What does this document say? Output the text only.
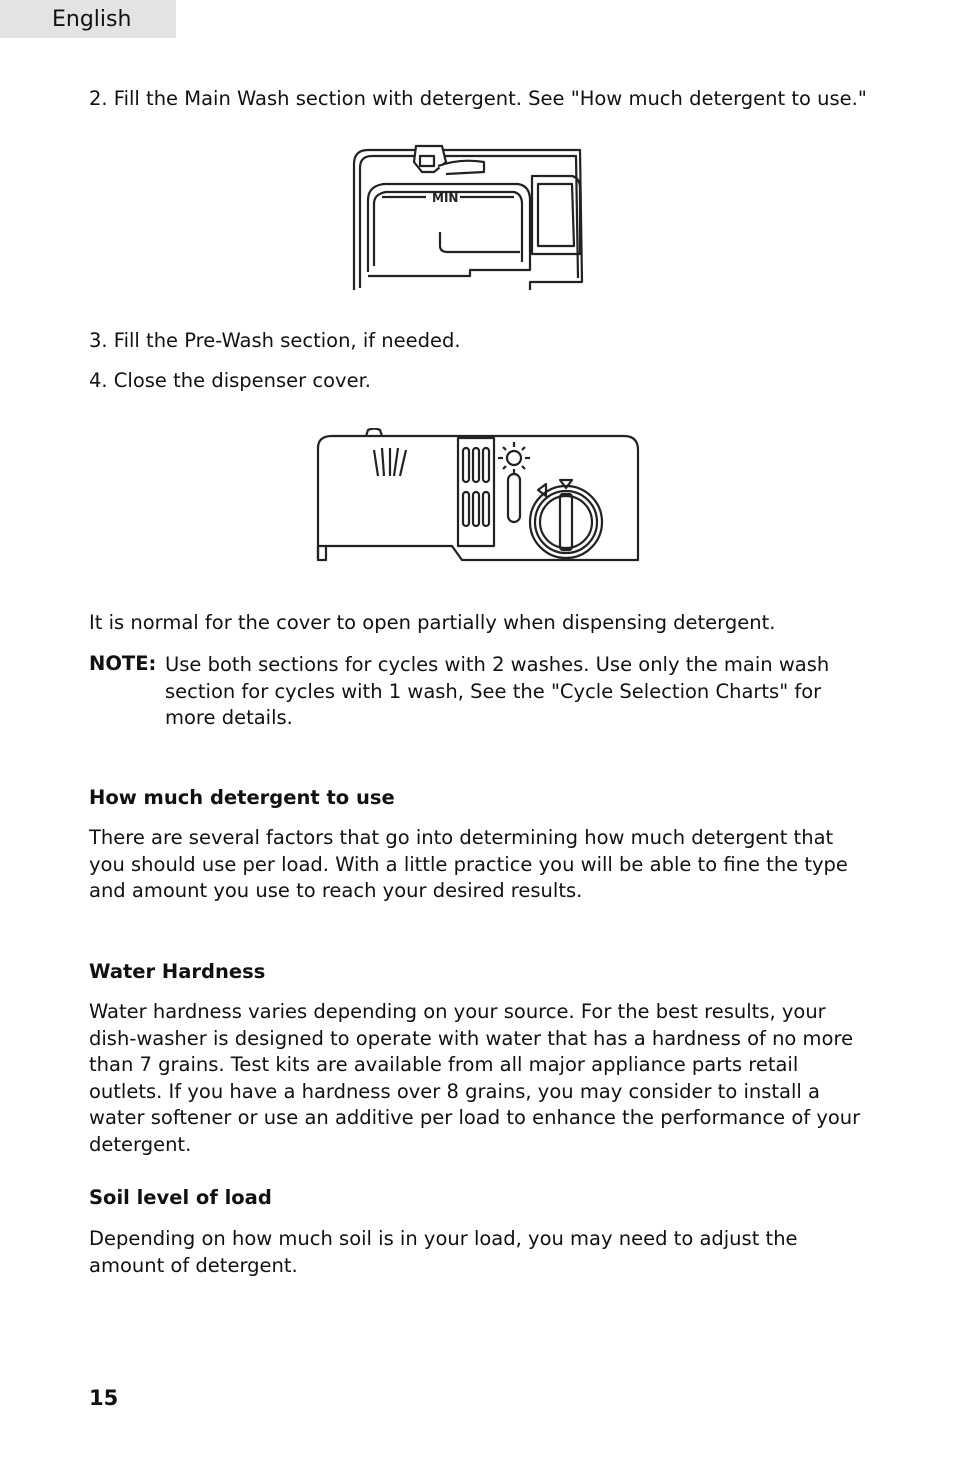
English

2. Fill the Main Wash section with detergent. See "How much detergent to use."

MIN

3. Fill the Pre-Wash section, if needed.

4. Close the dispenser cover.

It is normal for the cover to open partially when dispensing detergent.

NOTE: Use both sections for cycles with 2 washes. Use only the main wash section for cycles with 1 wash, See the "Cycle Selection Charts" for more details.

How much detergent to use

There are several factors that go into determining how much detergent that you should use per load. With a little practice you will be able to fine the type and amount you use to reach your desired results.

Water Hardness

Water hardness varies depending on your source. For the best results, your dish-washer is designed to operate with water that has a hardness of no more than 7 grains. Test kits are available from all major appliance parts retail outlets. If you have a hardness over 8 grains, you may consider to install a water softener or use an additive per load to enhance the performance of your detergent.

Soil level of load

Depending on how much soil is in your load, you may need to adjust the amount of detergent.

15
